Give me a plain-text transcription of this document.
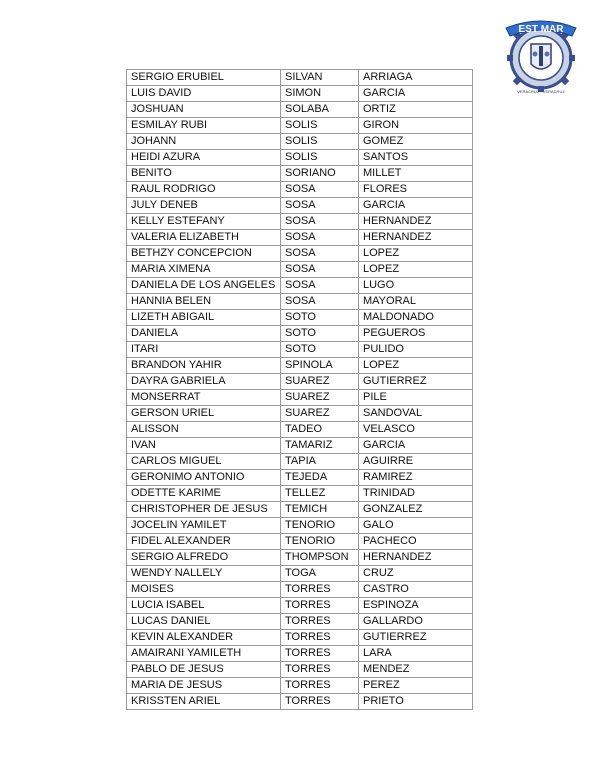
EST MAR
VERACRUZ · VERACRUZ
SERGIO ERUBIEL	SILVAN	ARRIAGA
LUIS DAVID	SIMON	GARCIA
JOSHUAN	SOLABA	ORTIZ
ESMILAY RUBI	SOLIS	GIRON
JOHANN	SOLIS	GOMEZ
HEIDI AZURA	SOLIS	SANTOS
BENITO	SORIANO	MILLET
RAUL RODRIGO	SOSA	FLORES
JULY DENEB	SOSA	GARCIA
KELLY ESTEFANY	SOSA	HERNANDEZ
VALERIA ELIZABETH	SOSA	HERNANDEZ
BETHZY CONCEPCION	SOSA	LOPEZ
MARIA XIMENA	SOSA	LOPEZ
DANIELA DE LOS ANGELES	SOSA	LUGO
HANNIA BELEN	SOSA	MAYORAL
LIZETH ABIGAIL	SOTO	MALDONADO
DANIELA	SOTO	PEGUEROS
ITARI	SOTO	PULIDO
BRANDON YAHIR	SPINOLA	LOPEZ
DAYRA GABRIELA	SUAREZ	GUTIERREZ
MONSERRAT	SUAREZ	PILE
GERSON URIEL	SUAREZ	SANDOVAL
ALISSON	TADEO	VELASCO
IVAN	TAMARIZ	GARCIA
CARLOS MIGUEL	TAPIA	AGUIRRE
GERONIMO ANTONIO	TEJEDA	RAMIREZ
ODETTE KARIME	TELLEZ	TRINIDAD
CHRISTOPHER DE JESUS	TEMICH	GONZALEZ
JOCELIN YAMILET	TENORIO	GALO
FIDEL ALEXANDER	TENORIO	PACHECO
SERGIO ALFREDO	THOMPSON	HERNANDEZ
WENDY NALLELY	TOGA	CRUZ
MOISES	TORRES	CASTRO
LUCIA ISABEL	TORRES	ESPINOZA
LUCAS DANIEL	TORRES	GALLARDO
KEVIN ALEXANDER	TORRES	GUTIERREZ
AMAIRANI YAMILETH	TORRES	LARA
PABLO DE JESUS	TORRES	MENDEZ
MARIA DE JESUS	TORRES	PEREZ
KRISSTEN ARIEL	TORRES	PRIETO
